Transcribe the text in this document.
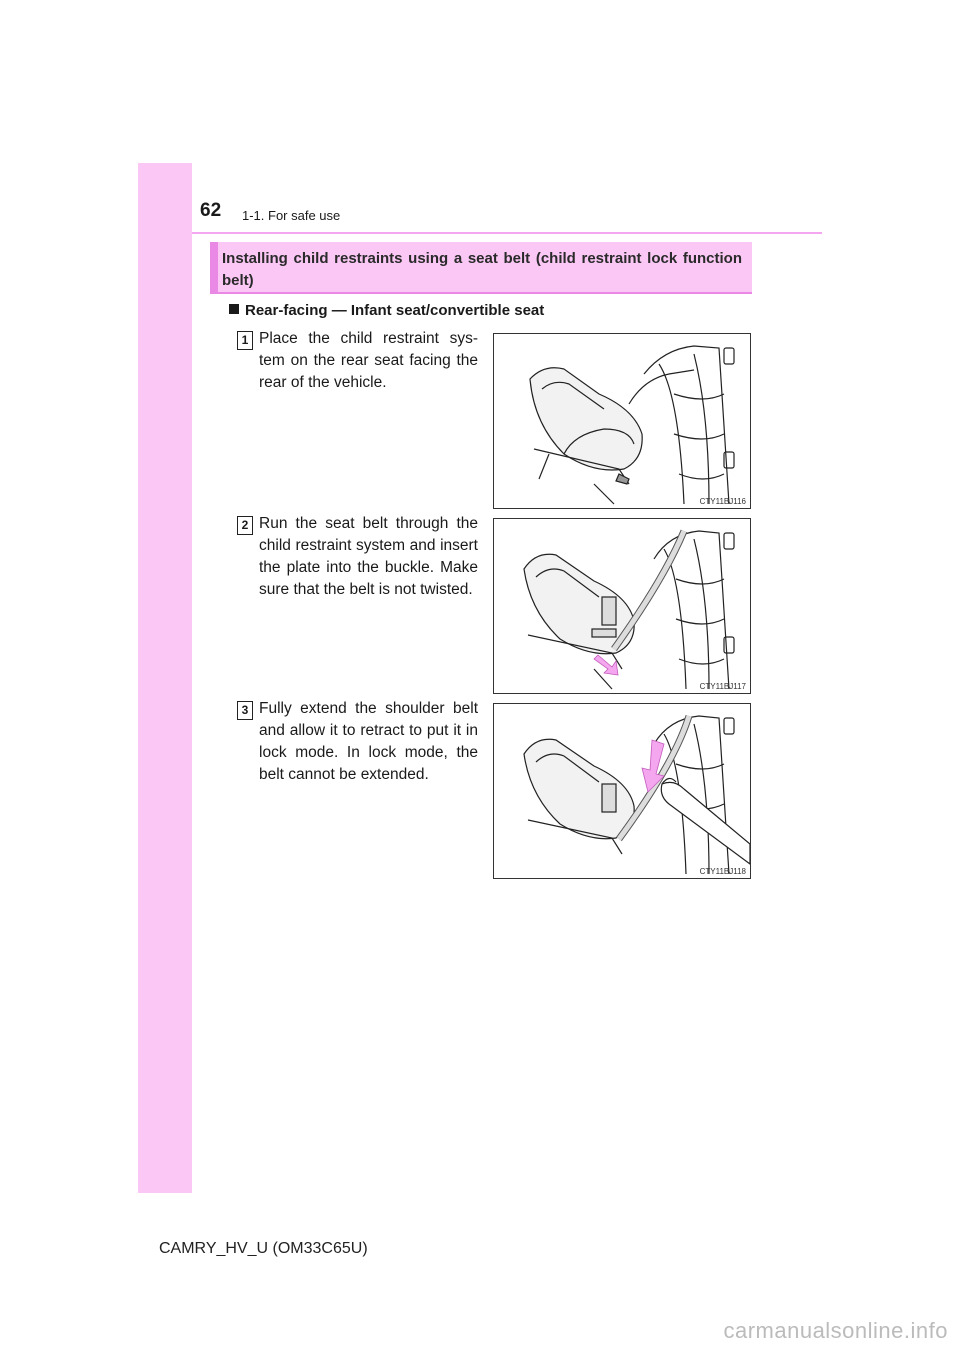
62 1-1. For safe use
Installing child restraints using a seat belt (child restraint lock function belt)
Rear-facing — Infant seat/convertible seat
1 Place the child restraint sys-tem on the rear seat facing the rear of the vehicle.
CTY11BJ116
2 Run the seat belt through the child restraint system and insert the plate into the buckle. Make sure that the belt is not twisted.
CTY11BJ117
3 Fully extend the shoulder belt and allow it to retract to put it in lock mode. In lock mode, the belt cannot be extended.
CTY11BJ118
CAMRY_HV_U (OM33C65U)
carmanualsonline.info
